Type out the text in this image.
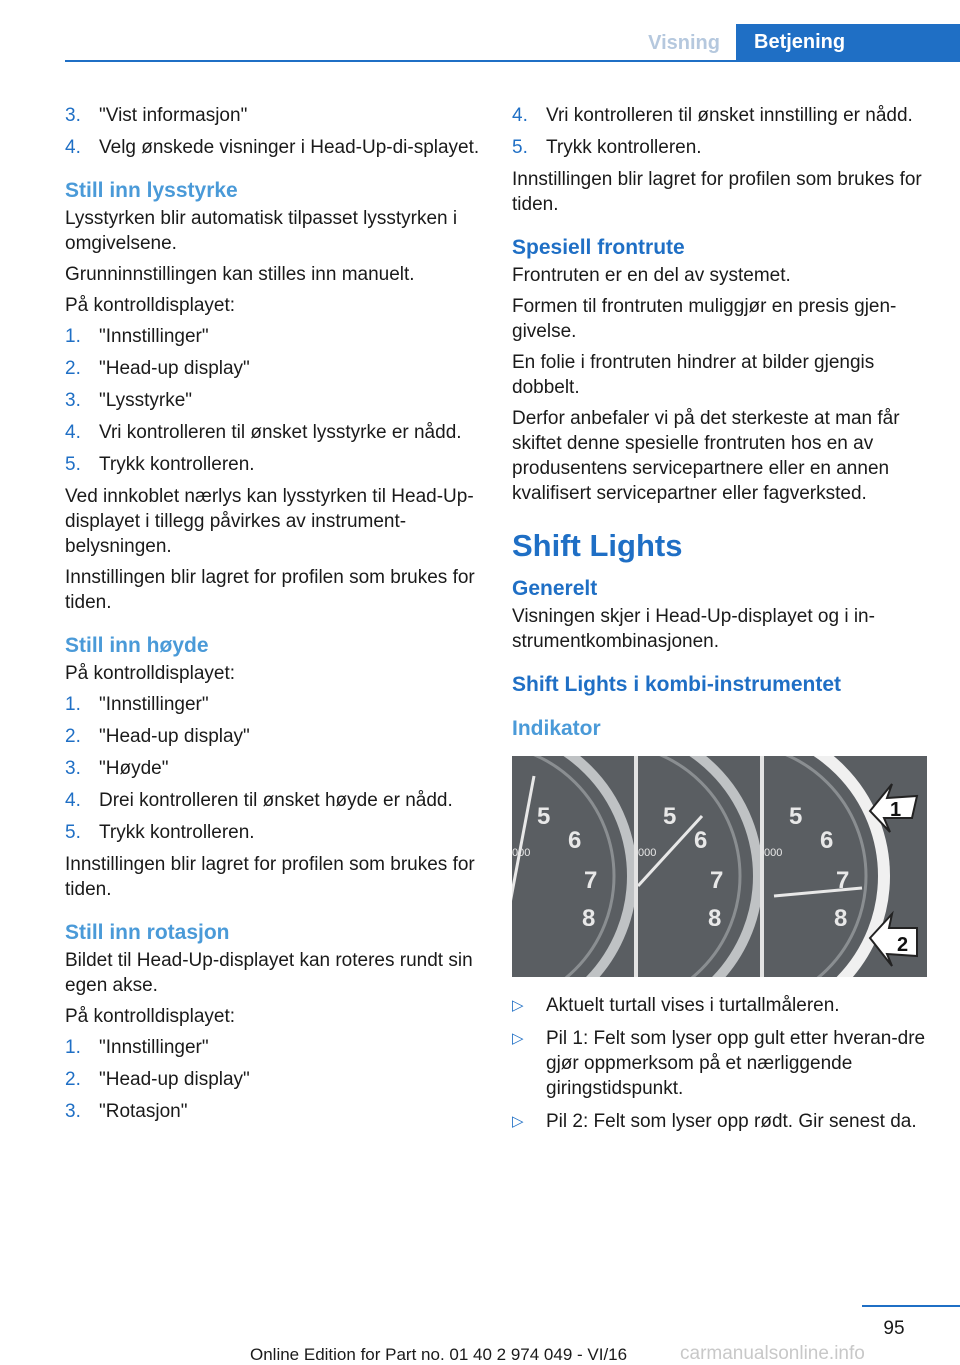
Visning	Betjening
3. "Vist informasjon"
4. Velg ønskede visninger i Head-Up-di-splayet.
Still inn lysstyrke

Lysstyrken blir automatisk tilpasset lysstyrken i omgivelsene.

Grunninnstillingen kan stilles inn manuelt.

På kontrolldisplayet:

1. "Innstillinger"
2. "Head-up display"
3. "Lysstyrke"
4. Vri kontrolleren til ønsket lysstyrke er nådd.
5. Trykk kontrolleren.

Ved innkoblet nærlys kan lysstyrken til Head-Up-displayet i tillegg påvirkes av instrument-belysningen.

Innstillingen blir lagret for profilen som brukes for tiden.

Still inn høyde

På kontrolldisplayet:

1. "Innstillinger"
2. "Head-up display"
3. "Høyde"
4. Drei kontrolleren til ønsket høyde er nådd.
5. Trykk kontrolleren.

Innstillingen blir lagret for profilen som brukes for tiden.

Still inn rotasjon

Bildet til Head-Up-displayet kan roteres rundt sin egen akse.

På kontrolldisplayet:

1. "Innstillinger"
2. "Head-up display"
3. "Rotasjon"
4. Vri kontrolleren til ønsket innstilling er nådd.
5. Trykk kontrolleren.

Innstillingen blir lagret for profilen som brukes for tiden.

Spesiell frontrute

Frontruten er en del av systemet.

Formen til frontruten muliggjør en presis gjen-givelse.

En folie i frontruten hindrer at bilder gjengis dobbelt.

Derfor anbefaler vi på det sterkeste at man får skiftet denne spesielle frontruten hos en av produsentens servicepartnere eller en annen kvalifisert servicepartner eller fagverksted.

Shift Lights
Generelt

Visningen skjer i Head-Up-displayet og i in-strumentkombinasjonen.

Shift Lights i kombi-instrumentet
Indikator
5
6
7
8
5
6
7
8
5
6
7
8
000	000	000
1
2
▷ Aktuelt turtall vises i turtallmåleren.
▷ Pil 1: Felt som lyser opp gult etter hveran-dre gjør oppmerksom på et nærliggende giringstidspunkt.
▷ Pil 2: Felt som lyser opp rødt. Gir senest da.
95
Online Edition for Part no. 01 40 2 974 049 - VI/16	carmanualsonline.info
